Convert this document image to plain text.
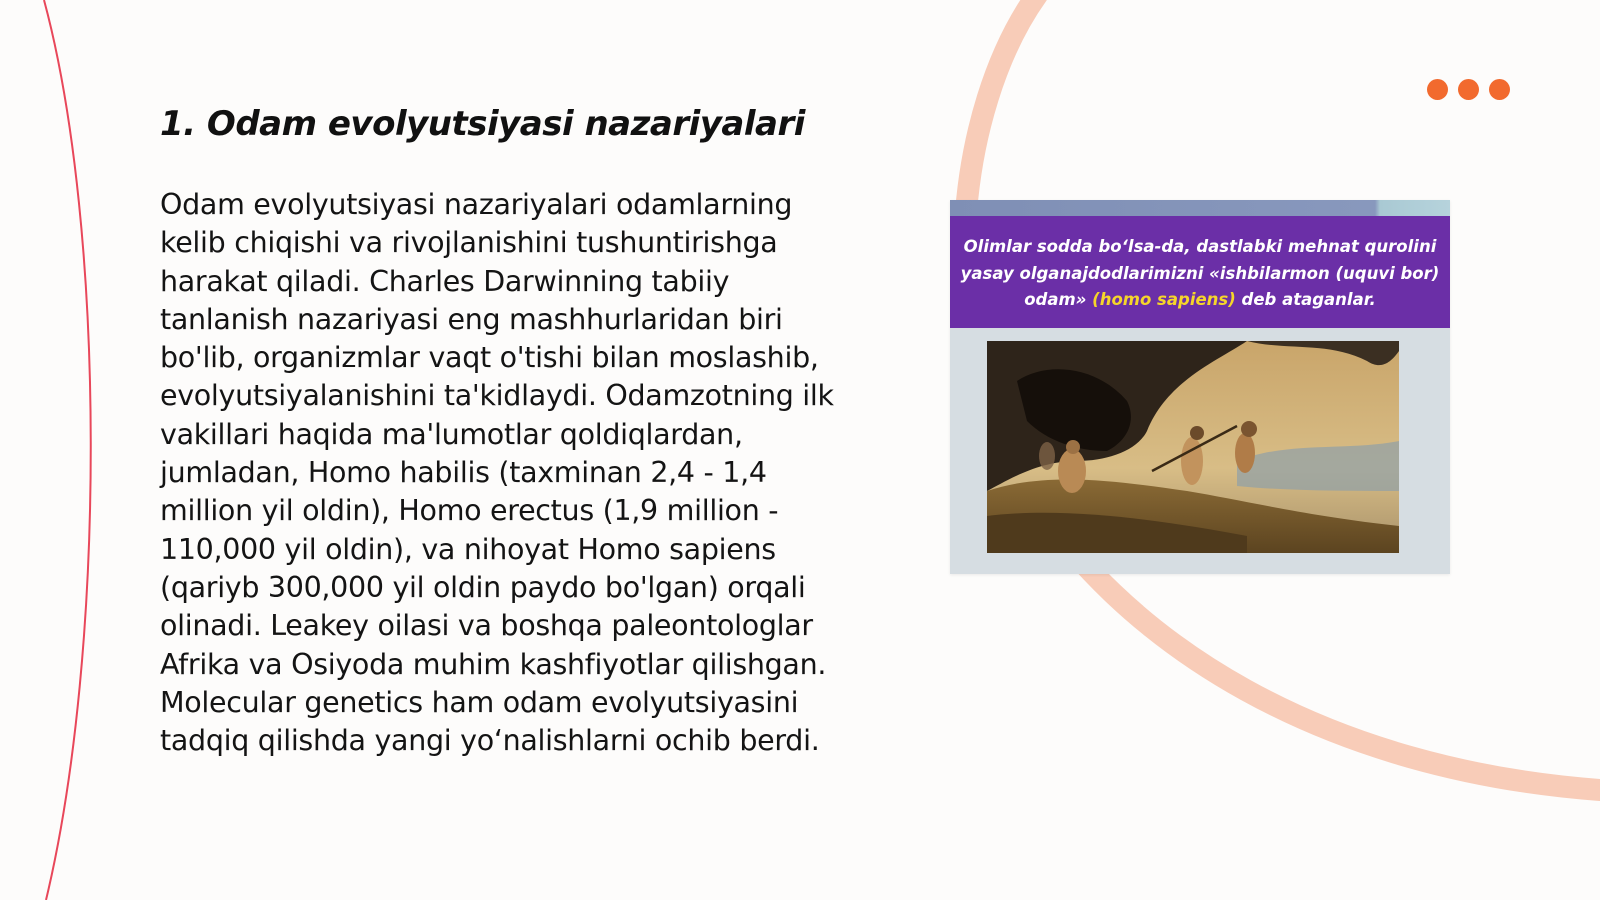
1. Odam evolyutsiyasi nazariyalari

Odam evolyutsiyasi nazariyalari odamlarning kelib chiqishi va rivojlanishini tushuntirishga harakat qiladi. Charles Darwinning tabiiy tanlanish nazariyasi eng mashhurlaridan biri bo'lib, organizmlar vaqt o'tishi bilan moslashib, evolyutsiyalanishini ta'kidlaydi. Odamzotning ilk vakillari haqida ma'lumotlar qoldiqlardan, jumladan, Homo habilis (taxminan 2,4 - 1,4 million yil oldin), Homo erectus (1,9 million - 110,000 yil oldin), va nihoyat Homo sapiens (qariyb 300,000 yil oldin paydo bo'lgan) orqali olinadi. Leakey oilasi va boshqa paleontologlar Afrika va Osiyoda muhim kashfiyotlar qilishgan. Molecular genetics ham odam evolyutsiyasini tadqiq qilishda yangi yo‘nalishlarni ochib berdi.

Olimlar sodda bo‘lsa-da, dastlabki mehnat qurolini
yasay olganajdodlarimizni «ishbilarmon (uquvi bor)
odam» (homo sapiens) deb ataganlar.
